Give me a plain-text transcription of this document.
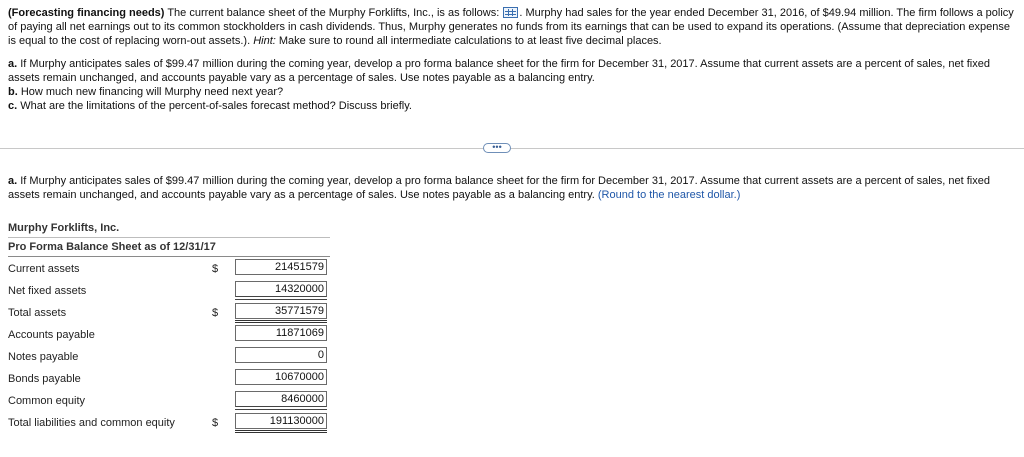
(Forecasting financing needs) The current balance sheet of the Murphy Forklifts, Inc., is as follows: . Murphy had sales for the year ended December 31, 2016, of $49.94 million. The firm follows a policy of paying all net earnings out to its common stockholders in cash dividends. Thus, Murphy generates no funds from its earnings that can be used to expand its operations. (Assume that depreciation expense is equal to the cost of replacing worn-out assets.). Hint: Make sure to round all intermediate calculations to at least five decimal places.

a. If Murphy anticipates sales of $99.47 million during the coming year, develop a pro forma balance sheet for the firm for December 31, 2017. Assume that current assets are a percent of sales, net fixed assets remain unchanged, and accounts payable vary as a percentage of sales. Use notes payable as a balancing entry.

b. How much new financing will Murphy need next year?

c. What are the limitations of the percent-of-sales forecast method? Discuss briefly.

•••

a. If Murphy anticipates sales of $99.47 million during the coming year, develop a pro forma balance sheet for the firm for December 31, 2017. Assume that current assets are a percent of sales, net fixed assets remain unchanged, and accounts payable vary as a percentage of sales. Use notes payable as a balancing entry. (Round to the nearest dollar.)

Murphy Forklifts, Inc.
Pro Forma Balance Sheet as of 12/31/17
Current assets	$	21451579
Net fixed assets	14320000
Total assets	$	35771579
Accounts payable	11871069
Notes payable	0
Bonds payable	10670000
Common equity	8460000
Total liabilities and common equity	$	191130000
